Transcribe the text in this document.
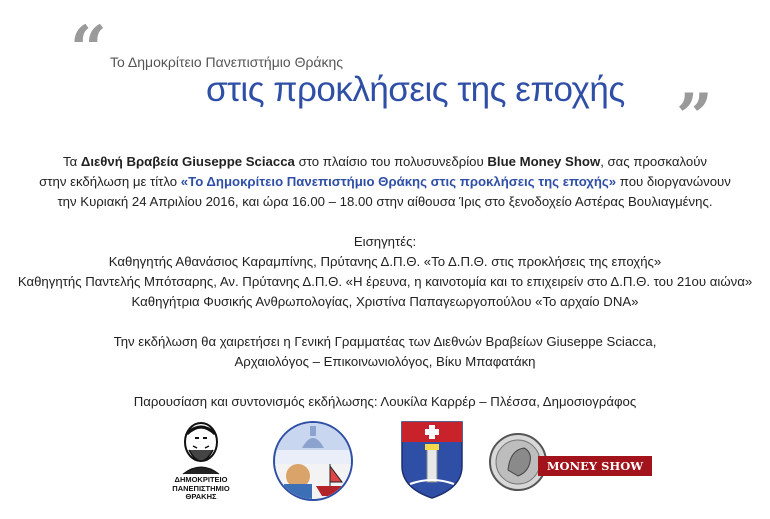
“ Το Δημοκρίτειο Πανεπιστήμιο Θράκης
στις προκλήσεις της εποχής ”

Τα Διεθνή Βραβεία Giuseppe Sciacca στο πλαίσιο του πολυσυνεδρίου Blue Money Show, σας προσκαλούν

στην εκδήλωση με τίτλο «Το Δημοκρίτειο Πανεπιστήμιο Θράκης στις προκλήσεις της εποχής» που διοργανώνουν

την Κυριακή 24 Απριλίου 2016, και ώρα 16.00 – 18.00 στην αίθουσα Ίρις στο ξενοδοχείο Αστέρας Βουλιαγμένης.

Εισηγητές:

Καθηγητής Αθανάσιος Καραμπίνης, Πρύτανης Δ.Π.Θ. «Το Δ.Π.Θ. στις προκλήσεις της εποχής»

Καθηγητής Παντελής Μπότσαρης, Αν. Πρύτανης Δ.Π.Θ. «Η έρευνα, η καινοτομία και το επιχειρείν στο Δ.Π.Θ. του 21ου αιώνα»

Καθηγήτρια Φυσικής Ανθρωπολογίας, Χριστίνα Παπαγεωργοπούλου «Το αρχαίο DNA»

Την εκδήλωση θα χαιρετήσει η Γενική Γραμματέας των Διεθνών Βραβείων Giuseppe Sciacca,

Αρχαιολόγος – Επικοινωνιολόγος, Βίκυ Μπαφατάκη

Παρουσίαση και συντονισμός εκδήλωσης: Λουκίλα Καρρέρ – Πλέσσα, Δημοσιογράφος

ΔΗΜΟΚΡΙΤΕΙΟ ΠΑΝΕΠΙΣΤΗΜΙΟ ΘΡΑΚΗΣ
MONEY SHOW
